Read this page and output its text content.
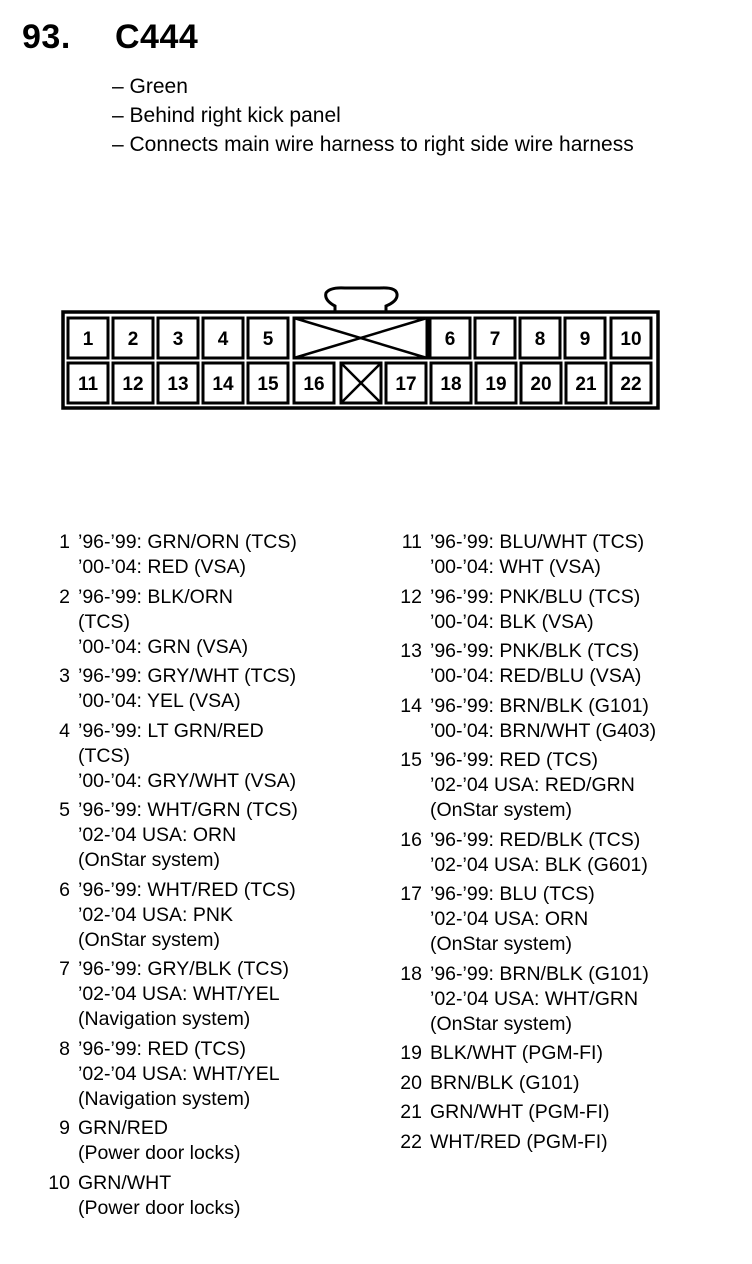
93. C444
– Green
– Behind right kick panel
– Connects main wire harness to right side wire harness
1 2 3 4 5	6 7 8 9 10
11 12 13 14 15 16	17 18 19 20 21 22
1 ’96-’99: GRN/ORN (TCS)
’00-’04: RED (VSA)
2 ’96-’99: BLK/ORN
(TCS)
’00-’04: GRN (VSA)
3 ’96-’99: GRY/WHT (TCS)
’00-’04: YEL (VSA)
4 ’96-’99: LT GRN/RED
(TCS)
’00-’04: GRY/WHT (VSA)
5 ’96-’99: WHT/GRN (TCS)
’02-’04 USA: ORN
(OnStar system)
6 ’96-’99: WHT/RED (TCS)
’02-’04 USA: PNK
(OnStar system)
7 ’96-’99: GRY/BLK (TCS)
’02-’04 USA: WHT/YEL
(Navigation system)
8 ’96-’99: RED (TCS)
’02-’04 USA: WHT/YEL
(Navigation system)
9 GRN/RED
(Power door locks)
10 GRN/WHT
(Power door locks)
11 ’96-’99: BLU/WHT (TCS)
’00-’04: WHT (VSA)
12 ’96-’99: PNK/BLU (TCS)
’00-’04: BLK (VSA)
13 ’96-’99: PNK/BLK (TCS)
’00-’04: RED/BLU (VSA)
14 ’96-’99: BRN/BLK (G101)
’00-’04: BRN/WHT (G403)
15 ’96-’99: RED (TCS)
’02-’04 USA: RED/GRN
(OnStar system)
16 ’96-’99: RED/BLK (TCS)
’02-’04 USA: BLK (G601)
17 ’96-’99: BLU (TCS)
’02-’04 USA: ORN
(OnStar system)
18 ’96-’99: BRN/BLK (G101)
’02-’04 USA: WHT/GRN
(OnStar system)
19 BLK/WHT (PGM-FI)
20 BRN/BLK (G101)
21 GRN/WHT (PGM-FI)
22 WHT/RED (PGM-FI)
